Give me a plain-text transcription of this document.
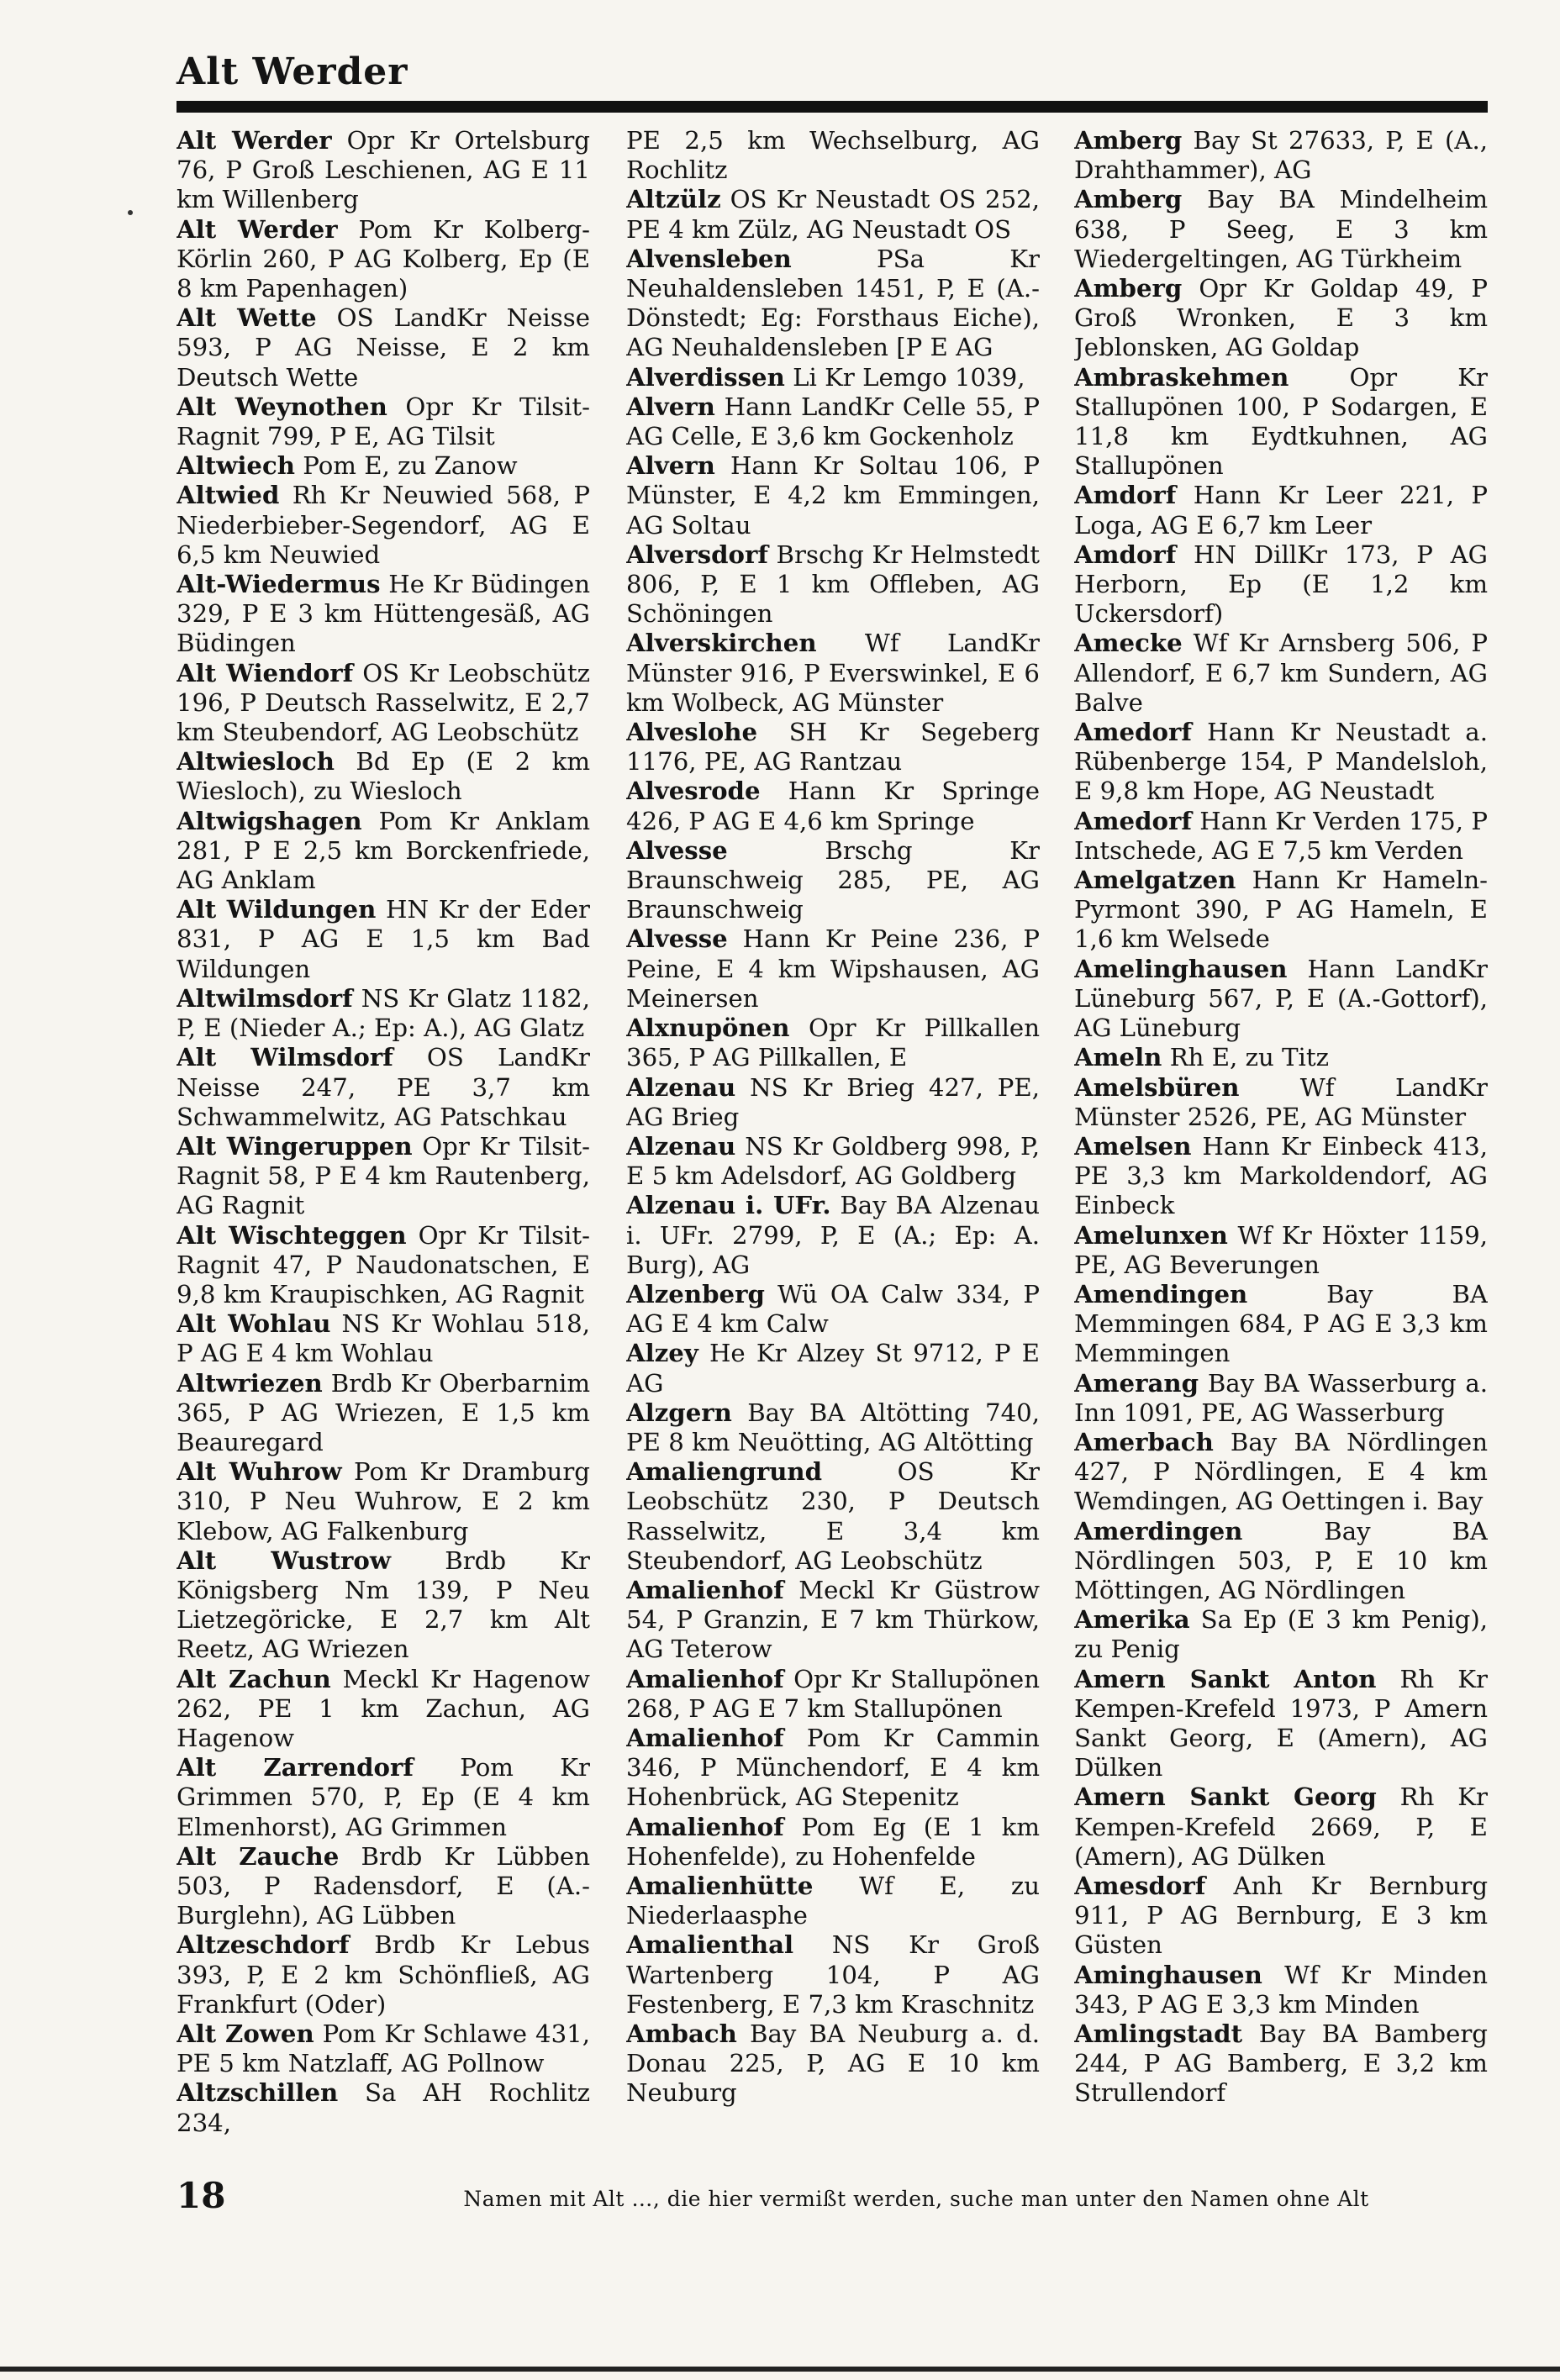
Alt Werder

Alt Werder Opr Kr Ortelsburg 76, P Groß Leschienen, AG E 11 km Willenberg

Alt Werder Pom Kr Kolberg-Körlin 260, P AG Kolberg, Ep (E 8 km Papenhagen)

Alt Wette OS LandKr Neisse 593, P AG Neisse, E 2 km Deutsch Wette

Alt Weynothen Opr Kr Tilsit-Ragnit 799, P E, AG Tilsit

Altwiech Pom E, zu Zanow

Altwied Rh Kr Neuwied 568, P Niederbieber-Segendorf, AG E 6,5 km Neuwied

Alt-Wiedermus He Kr Büdingen 329, P E 3 km Hüttengesäß, AG Büdingen

Alt Wiendorf OS Kr Leobschütz 196, P Deutsch Rasselwitz, E 2,7 km Steubendorf, AG Leobschütz

Altwiesloch Bd Ep (E 2 km Wiesloch), zu Wiesloch

Altwigshagen Pom Kr Anklam 281, P E 2,5 km Borckenfriede, AG Anklam

Alt Wildungen HN Kr der Eder 831, P AG E 1,5 km Bad Wildungen

Altwilmsdorf NS Kr Glatz 1182, P, E (Nieder A.; Ep: A.), AG Glatz

Alt Wilmsdorf OS LandKr Neisse 247, PE 3,7 km Schwammelwitz, AG Patschkau

Alt Wingeruppen Opr Kr Tilsit-Ragnit 58, P E 4 km Rautenberg, AG Ragnit

Alt Wischteggen Opr Kr Tilsit-Ragnit 47, P Naudonatschen, E 9,8 km Kraupischken, AG Ragnit

Alt Wohlau NS Kr Wohlau 518, P AG E 4 km Wohlau

Altwriezen Brdb Kr Oberbarnim 365, P AG Wriezen, E 1,5 km Beauregard

Alt Wuhrow Pom Kr Dramburg 310, P Neu Wuhrow, E 2 km Klebow, AG Falkenburg

Alt Wustrow Brdb Kr Königsberg Nm 139, P Neu Lietzegöricke, E 2,7 km Alt Reetz, AG Wriezen

Alt Zachun Meckl Kr Hagenow 262, PE 1 km Zachun, AG Hagenow

Alt Zarrendorf Pom Kr Grimmen 570, P, Ep (E 4 km Elmenhorst), AG Grimmen

Alt Zauche Brdb Kr Lübben 503, P Radensdorf, E (A.-Burglehn), AG Lübben

Altzeschdorf Brdb Kr Lebus 393, P, E 2 km Schönfließ, AG Frankfurt (Oder)

Alt Zowen Pom Kr Schlawe 431, PE 5 km Natzlaff, AG Pollnow

Altzschillen Sa AH Rochlitz 234,

PE 2,5 km Wechselburg, AG Rochlitz

Altzülz OS Kr Neustadt OS 252, PE 4 km Zülz, AG Neustadt OS

Alvensleben PSa Kr Neuhaldensleben 1451, P, E (A.-Dönstedt; Eg: Forsthaus Eiche), AG Neuhaldensleben [P E AG

Alverdissen Li Kr Lemgo 1039,

Alvern Hann LandKr Celle 55, P AG Celle, E 3,6 km Gockenholz

Alvern Hann Kr Soltau 106, P Münster, E 4,2 km Emmingen, AG Soltau

Alversdorf Brschg Kr Helmstedt 806, P, E 1 km Offleben, AG Schöningen

Alverskirchen Wf LandKr Münster 916, P Everswinkel, E 6 km Wolbeck, AG Münster

Alveslohe SH Kr Segeberg 1176, PE, AG Rantzau

Alvesrode Hann Kr Springe 426, P AG E 4,6 km Springe

Alvesse Brschg Kr Braunschweig 285, PE, AG Braunschweig

Alvesse Hann Kr Peine 236, P Peine, E 4 km Wipshausen, AG Meinersen

Alxnupönen Opr Kr Pillkallen 365, P AG Pillkallen, E

Alzenau NS Kr Brieg 427, PE, AG Brieg

Alzenau NS Kr Goldberg 998, P, E 5 km Adelsdorf, AG Goldberg

Alzenau i. UFr. Bay BA Alzenau i. UFr. 2799, P, E (A.; Ep: A. Burg), AG

Alzenberg Wü OA Calw 334, P AG E 4 km Calw

Alzey He Kr Alzey St 9712, P E AG

Alzgern Bay BA Altötting 740, PE 8 km Neuötting, AG Altötting

Amaliengrund OS Kr Leobschütz 230, P Deutsch Rasselwitz, E 3,4 km Steubendorf, AG Leobschütz

Amalienhof Meckl Kr Güstrow 54, P Granzin, E 7 km Thürkow, AG Teterow

Amalienhof Opr Kr Stallupönen 268, P AG E 7 km Stallupönen

Amalienhof Pom Kr Cammin 346, P Münchendorf, E 4 km Hohenbrück, AG Stepenitz

Amalienhof Pom Eg (E 1 km Hohenfelde), zu Hohenfelde

Amalienhütte Wf E, zu Niederlaasphe

Amalienthal NS Kr Groß Wartenberg 104, P AG Festenberg, E 7,3 km Kraschnitz

Ambach Bay BA Neuburg a. d. Donau 225, P, AG E 10 km Neuburg

Amberg Bay St 27633, P, E (A., Drahthammer), AG

Amberg Bay BA Mindelheim 638, P Seeg, E 3 km Wiedergeltingen, AG Türkheim

Amberg Opr Kr Goldap 49, P Groß Wronken, E 3 km Jeblonsken, AG Goldap

Ambraskehmen Opr Kr Stallupönen 100, P Sodargen, E 11,8 km Eydtkuhnen, AG Stallupönen

Amdorf Hann Kr Leer 221, P Loga, AG E 6,7 km Leer

Amdorf HN DillKr 173, P AG Herborn, Ep (E 1,2 km Uckersdorf)

Amecke Wf Kr Arnsberg 506, P Allendorf, E 6,7 km Sundern, AG Balve

Amedorf Hann Kr Neustadt a. Rübenberge 154, P Mandelsloh, E 9,8 km Hope, AG Neustadt

Amedorf Hann Kr Verden 175, P Intschede, AG E 7,5 km Verden

Amelgatzen Hann Kr Hameln-Pyrmont 390, P AG Hameln, E 1,6 km Welsede

Amelinghausen Hann LandKr Lüneburg 567, P, E (A.-Gottorf), AG Lüneburg

Ameln Rh E, zu Titz

Amelsbüren Wf LandKr Münster 2526, PE, AG Münster

Amelsen Hann Kr Einbeck 413, PE 3,3 km Markoldendorf, AG Einbeck

Amelunxen Wf Kr Höxter 1159, PE, AG Beverungen

Amendingen Bay BA Memmingen 684, P AG E 3,3 km Memmingen

Amerang Bay BA Wasserburg a. Inn 1091, PE, AG Wasserburg

Amerbach Bay BA Nördlingen 427, P Nördlingen, E 4 km Wemdingen, AG Oettingen i. Bay

Amerdingen Bay BA Nördlingen 503, P, E 10 km Möttingen, AG Nördlingen

Amerika Sa Ep (E 3 km Penig), zu Penig

Amern Sankt Anton Rh Kr Kempen-Krefeld 1973, P Amern Sankt Georg, E (Amern), AG Dülken

Amern Sankt Georg Rh Kr Kempen-Krefeld 2669, P, E (Amern), AG Dülken

Amesdorf Anh Kr Bernburg 911, P AG Bernburg, E 3 km Güsten

Aminghausen Wf Kr Minden 343, P AG E 3,3 km Minden

Amlingstadt Bay BA Bamberg 244, P AG Bamberg, E 3,2 km Strullendorf

18	Namen mit Alt …, die hier vermißt werden, suche man unter den Namen ohne Alt
